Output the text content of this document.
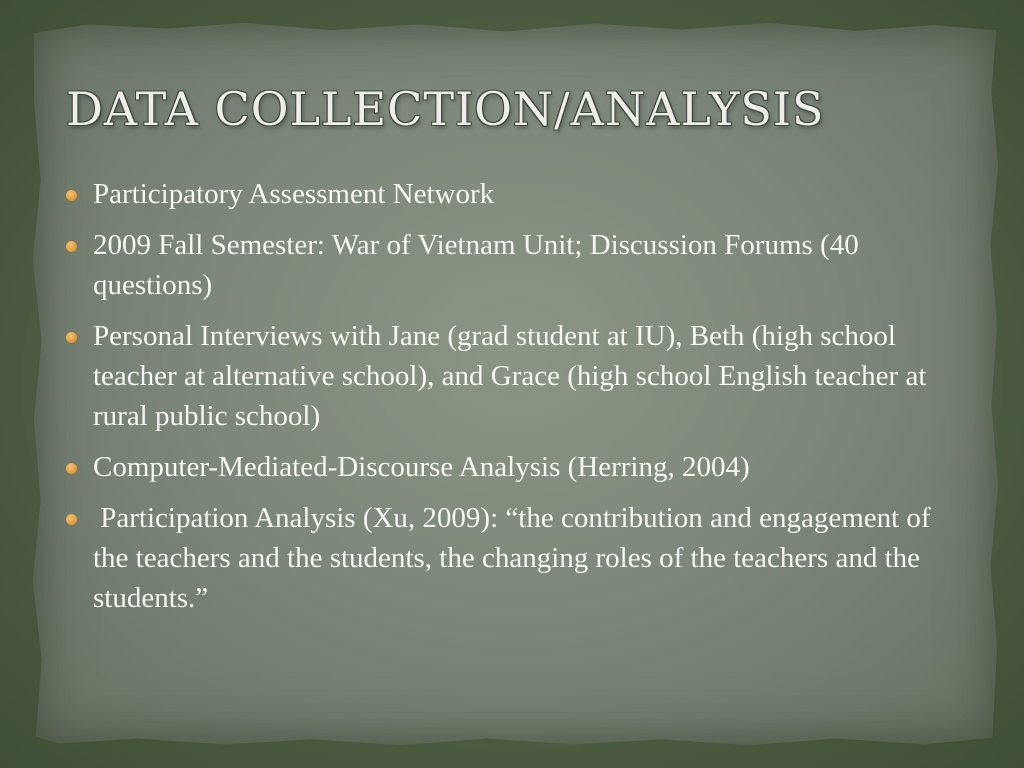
DATA COLLECTION/ANALYSIS
Participatory Assessment Network
2009 Fall Semester: War of Vietnam Unit; Discussion Forums (40 questions)
Personal Interviews with Jane (grad student at IU), Beth (high school teacher at alternative school), and Grace (high school English teacher at rural public school)
Computer-Mediated-Discourse Analysis (Herring, 2004)
Participation Analysis (Xu, 2009): “the contribution and engagement of the teachers and the students, the changing roles of the teachers and the students.”
